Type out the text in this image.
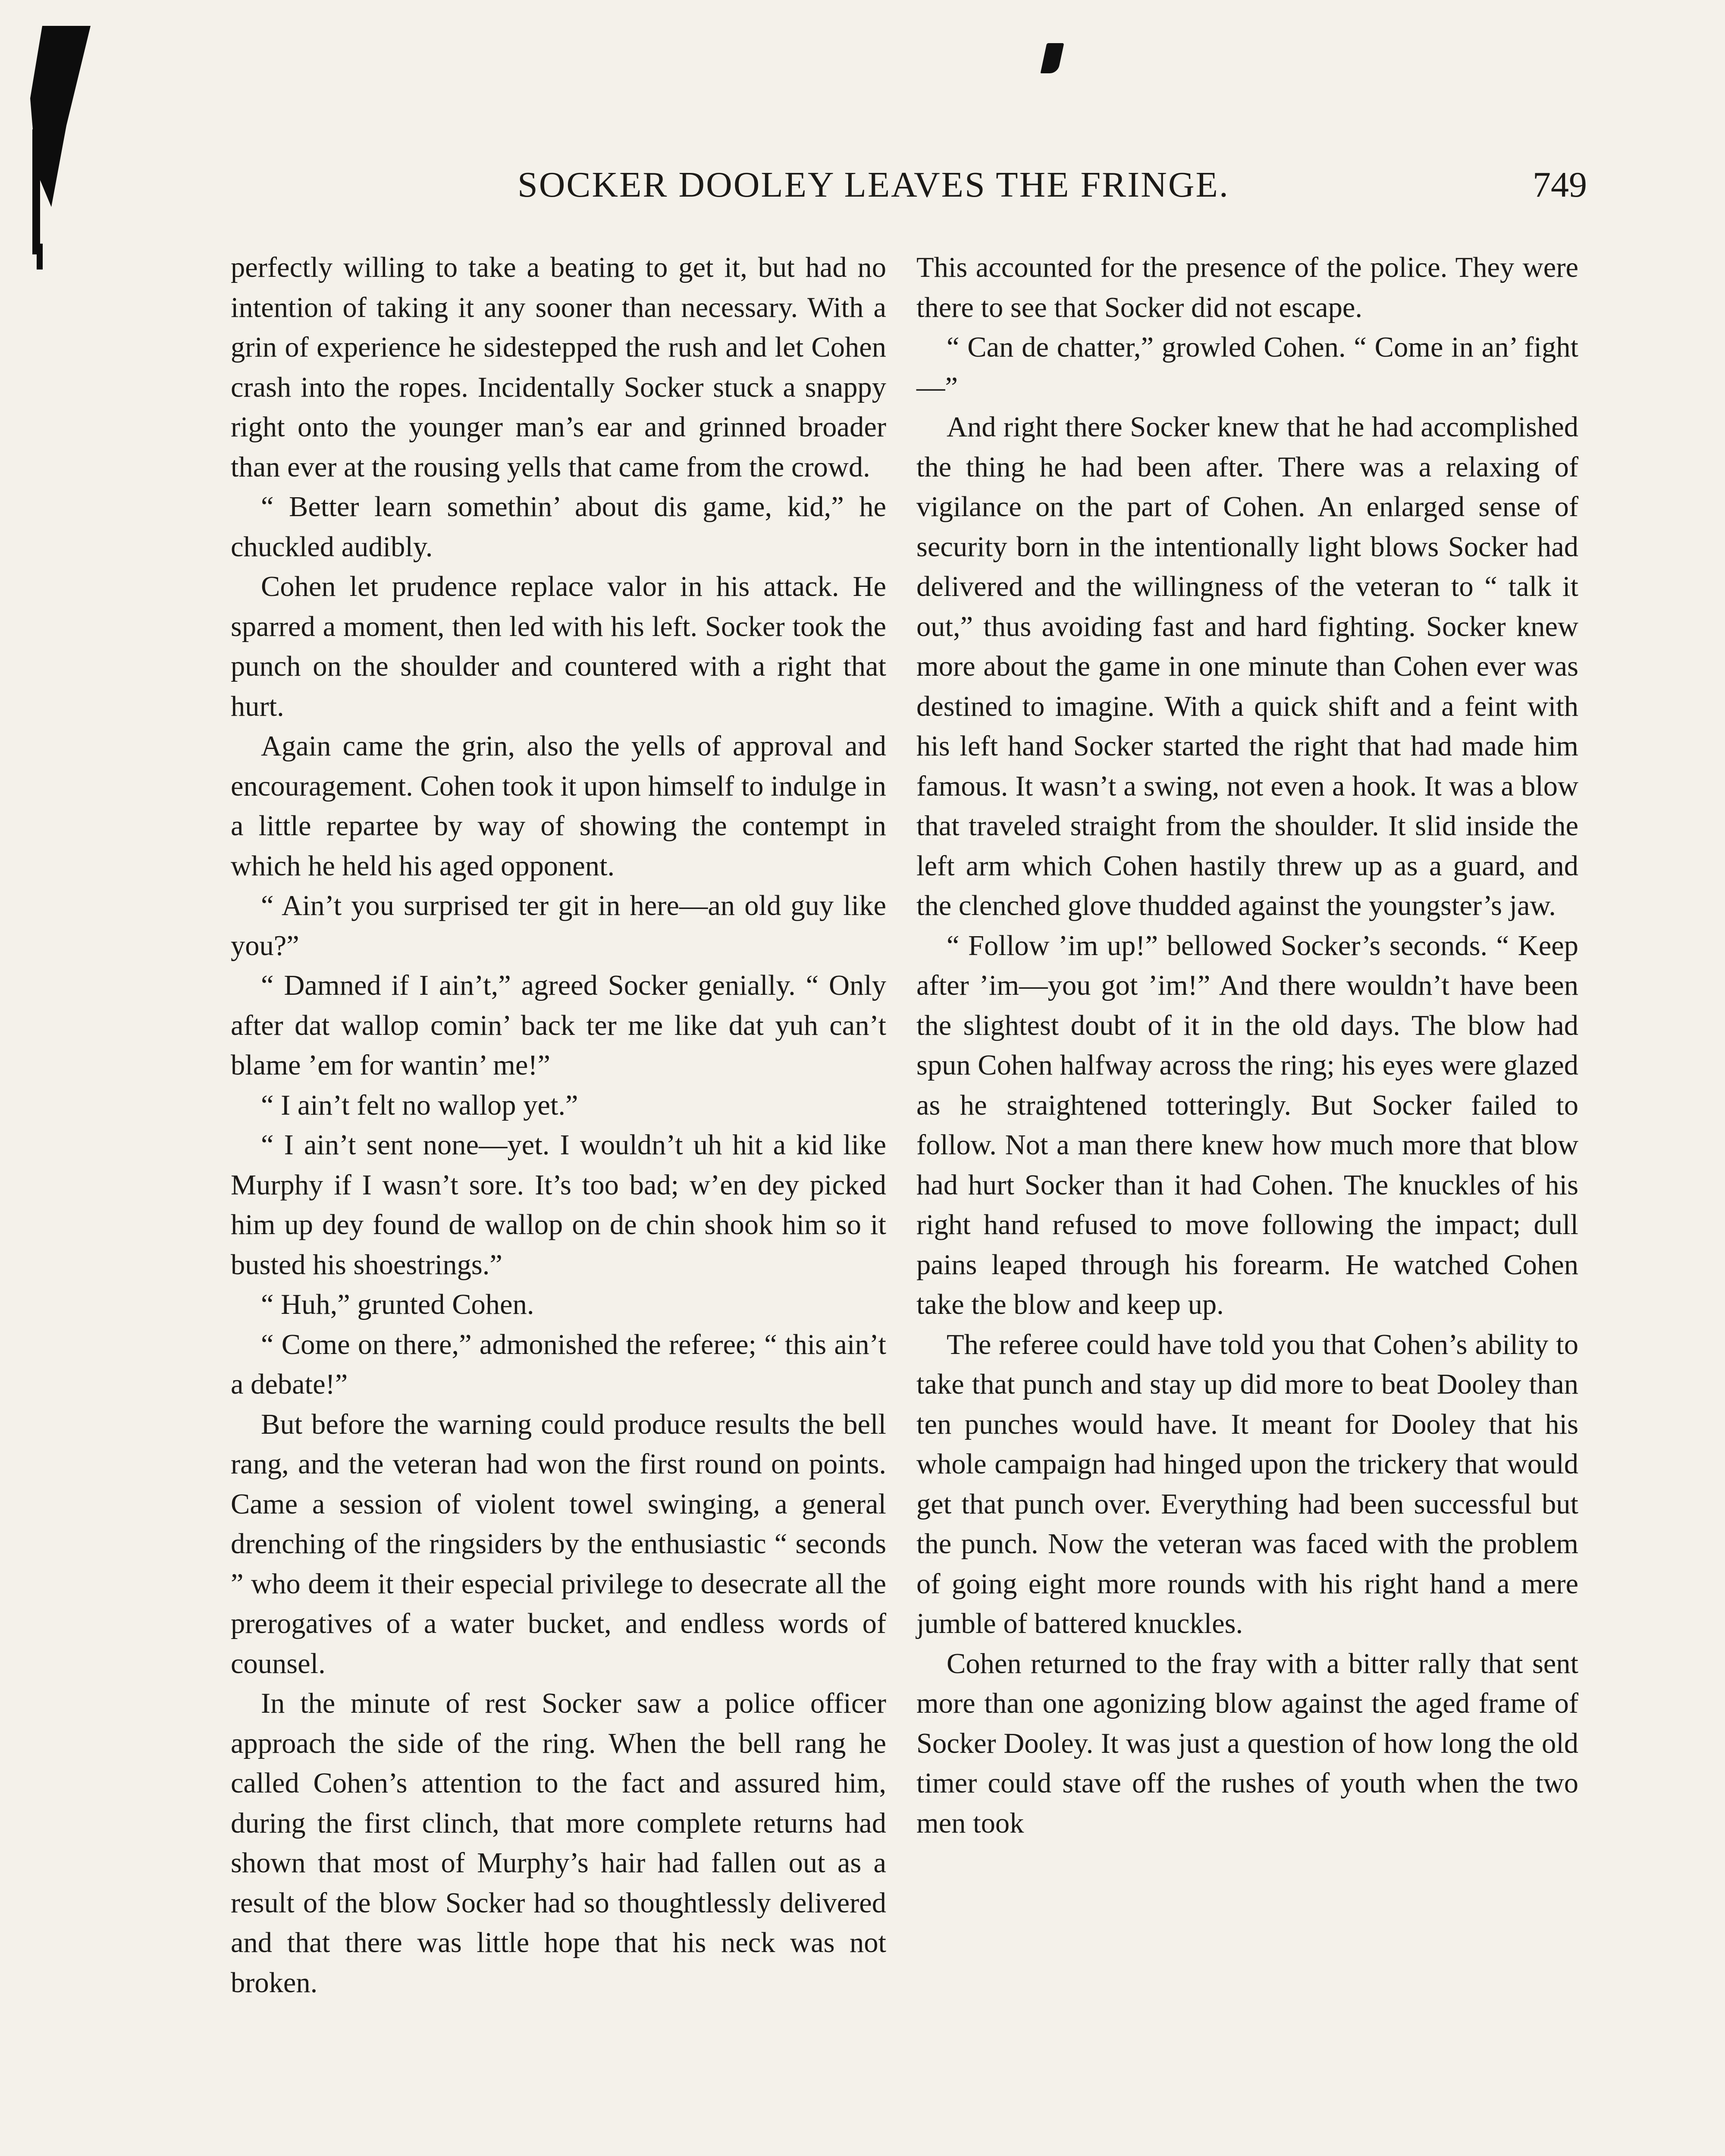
SOCKER DOOLEY LEAVES THE FRINGE.	749

perfectly willing to take a beating to get it, but had no intention of taking it any sooner than necessary. With a grin of experience he sidestepped the rush and let Cohen crash into the ropes. Incidentally Socker stuck a snappy right onto the younger man’s ear and grinned broader than ever at the rousing yells that came from the crowd.

“ Better learn somethin’ about dis game, kid,” he chuckled audibly.

Cohen let prudence replace valor in his attack. He sparred a moment, then led with his left. Socker took the punch on the shoulder and countered with a right that hurt.

Again came the grin, also the yells of approval and encouragement. Cohen took it upon himself to indulge in a little repartee by way of showing the contempt in which he held his aged opponent.

“ Ain’t you surprised ter git in here—an old guy like you?”

“ Damned if I ain’t,” agreed Socker genially. “ Only after dat wallop comin’ back ter me like dat yuh can’t blame ’em for wantin’ me!”

“ I ain’t felt no wallop yet.”

“ I ain’t sent none—yet. I wouldn’t uh hit a kid like Murphy if I wasn’t sore. It’s too bad; w’en dey picked him up dey found de wallop on de chin shook him so it busted his shoestrings.”

“ Huh,” grunted Cohen.

“ Come on there,” admonished the referee; “ this ain’t a debate!”

But before the warning could produce results the bell rang, and the veteran had won the first round on points. Came a session of violent towel swinging, a general drenching of the ringsiders by the enthusiastic “ seconds ” who deem it their especial privilege to desecrate all the prerogatives of a water bucket, and endless words of counsel.

In the minute of rest Socker saw a police officer approach the side of the ring. When the bell rang he called Cohen’s attention to the fact and assured him, during the first clinch, that more complete returns had shown that most of Murphy’s hair had fallen out as a result of the blow Socker had so thoughtlessly delivered and that there was little hope that his neck was not broken.

This accounted for the presence of the police. They were there to see that Socker did not escape.

“ Can de chatter,” growled Cohen. “ Come in an’ fight—”

And right there Socker knew that he had accomplished the thing he had been after. There was a relaxing of vigilance on the part of Cohen. An enlarged sense of security born in the intentionally light blows Socker had delivered and the willingness of the veteran to “ talk it out,” thus avoiding fast and hard fighting. Socker knew more about the game in one minute than Cohen ever was destined to imagine. With a quick shift and a feint with his left hand Socker started the right that had made him famous. It wasn’t a swing, not even a hook. It was a blow that traveled straight from the shoulder. It slid inside the left arm which Cohen hastily threw up as a guard, and the clenched glove thudded against the youngster’s jaw.

“ Follow ’im up!” bellowed Socker’s seconds. “ Keep after ’im—you got ’im!” And there wouldn’t have been the slightest doubt of it in the old days. The blow had spun Cohen halfway across the ring; his eyes were glazed as he straightened totteringly. But Socker failed to follow. Not a man there knew how much more that blow had hurt Socker than it had Cohen. The knuckles of his right hand refused to move following the impact; dull pains leaped through his forearm. He watched Cohen take the blow and keep up.

The referee could have told you that Cohen’s ability to take that punch and stay up did more to beat Dooley than ten punches would have. It meant for Dooley that his whole campaign had hinged upon the trickery that would get that punch over. Everything had been successful but the punch. Now the veteran was faced with the problem of going eight more rounds with his right hand a mere jumble of battered knuckles.

Cohen returned to the fray with a bitter rally that sent more than one agonizing blow against the aged frame of Socker Dooley. It was just a question of how long the old timer could stave off the rushes of youth when the two men took
